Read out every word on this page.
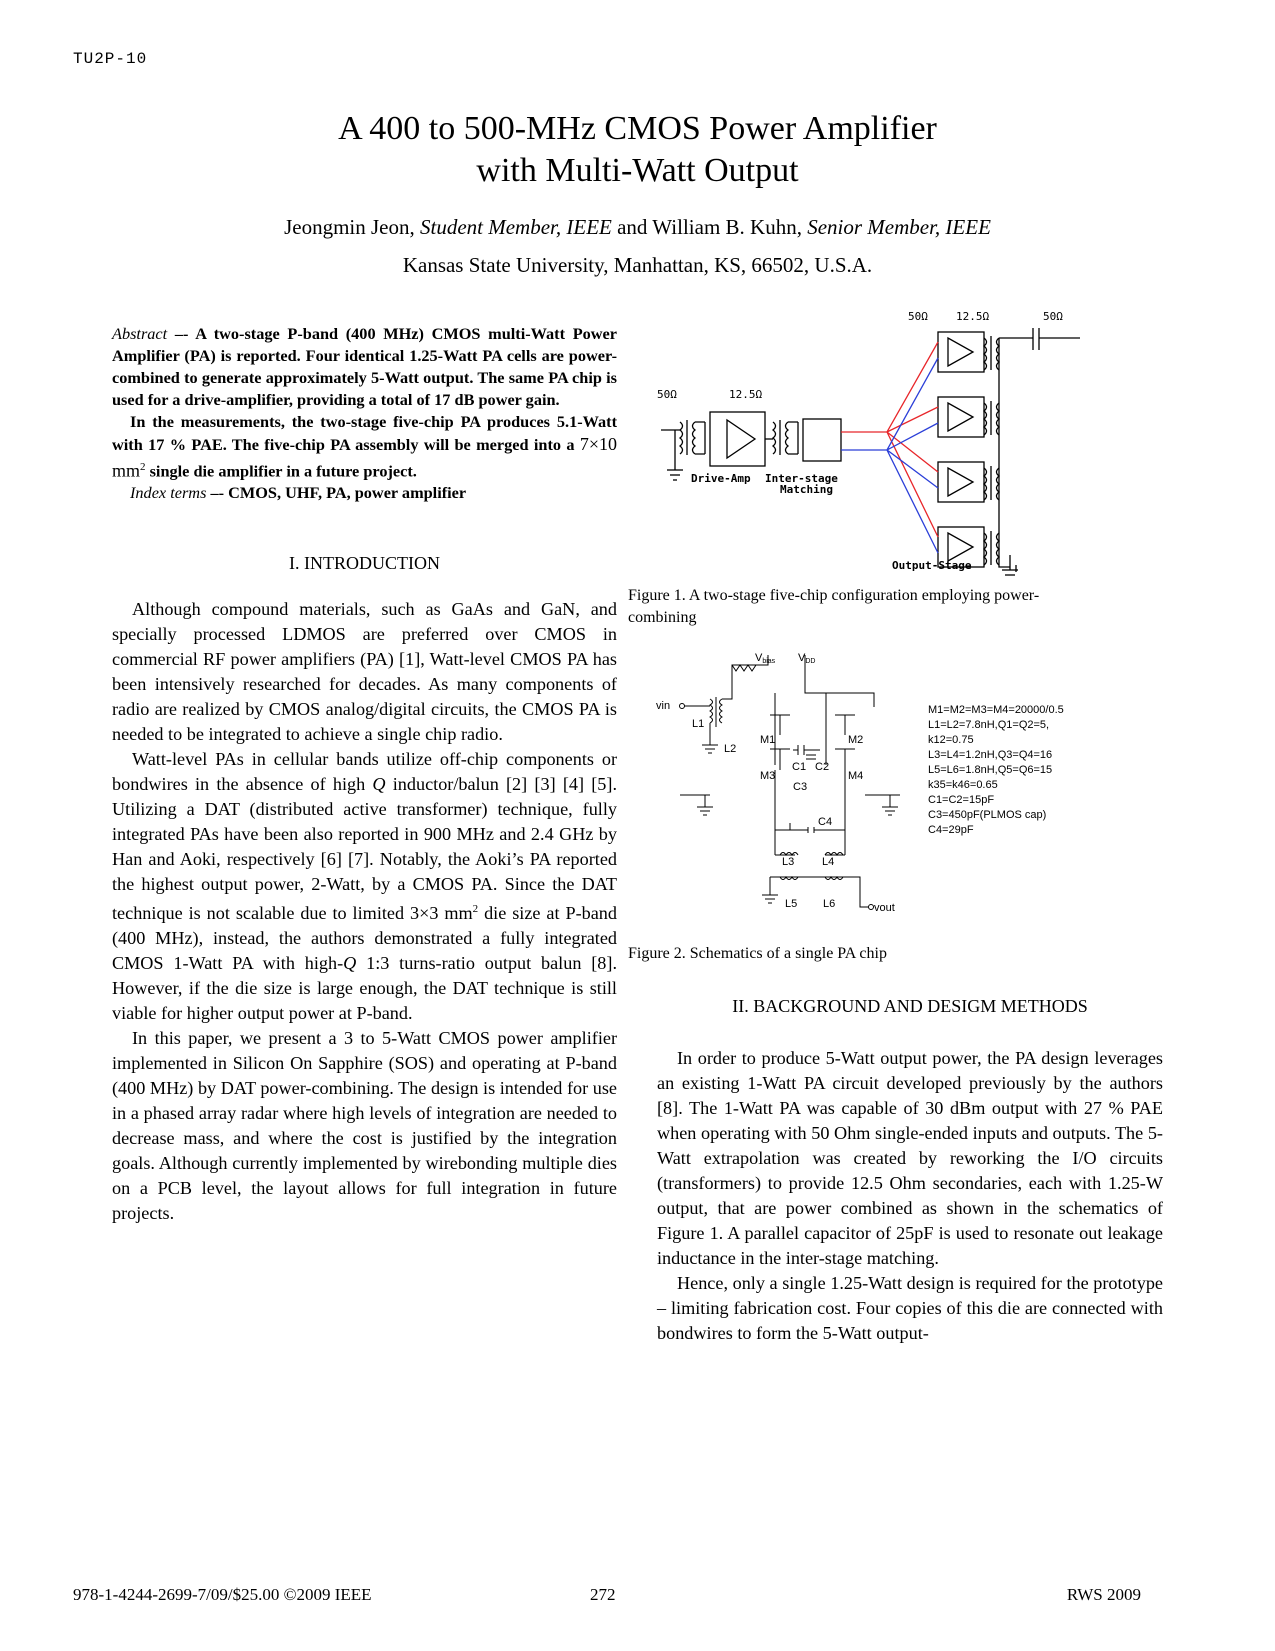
TU2P-10
A 400 to 500-MHz CMOS Power Amplifier
with Multi-Watt Output
Jeongmin Jeon, Student Member, IEEE and William B. Kuhn, Senior Member, IEEE
Kansas State University, Manhattan, KS, 66502, U.S.A.

Abstract –- A two-stage P-band (400 MHz) CMOS multi-Watt Power Amplifier (PA) is reported. Four identical 1.25-Watt PA cells are power-combined to generate approximately 5-Watt output. The same PA chip is used for a drive-amplifier, providing a total of 17 dB power gain.

In the measurements, the two-stage five-chip PA produces 5.1-Watt with 17 % PAE. The five-chip PA assembly will be merged into a 7×10 $mm^2$ single die amplifier in a future project.

Index terms –- CMOS, UHF, PA, power amplifier

I. INTRODUCTION

Although compound materials, such as GaAs and GaN, and specially processed LDMOS are preferred over CMOS in commercial RF power amplifiers (PA) [1], Watt-level CMOS PA has been intensively researched for decades. As many components of radio are realized by CMOS analog/digital circuits, the CMOS PA is needed to be integrated to achieve a single chip radio.

Watt-level PAs in cellular bands utilize off-chip components or bondwires in the absence of high Q inductor/balun [2] [3] [4] [5]. Utilizing a DAT (distributed active transformer) technique, fully integrated PAs have been also reported in 900 MHz and 2.4 GHz by Han and Aoki, respectively [6] [7]. Notably, the Aoki’s PA reported the highest output power, 2-Watt, by a CMOS PA. Since the DAT technique is not scalable due to limited 3×3 $mm^2$ die size at P-band (400 MHz), instead, the authors demonstrated a fully integrated CMOS 1-Watt PA with high-Q 1:3 turns-ratio output balun [8]. However, if the die size is large enough, the DAT technique is still viable for higher output power at P-band.

In this paper, we present a 3 to 5-Watt CMOS power amplifier implemented in Silicon On Sapphire (SOS) and operating at P-band (400 MHz) by DAT power-combining. The design is intended for use in a phased array radar where high levels of integration are needed to decrease mass, and where the cost is justified by the integration goals. Although currently implemented by wirebonding multiple dies on a PCB level, the layout allows for full integration in future projects.

50Ω	12.5Ω
50Ω	12.5Ω	50Ω
Drive-Amp Inter-stage
Matching
Output-Stage
Figure 1. A two-stage five-chip configuration employing power-combining
Vbias VDD
vin
vout
L1
L2
M1	M2
M3	M4
C1 C2
C3
C4
L3	L4
L5 L6
M1=M2=M3=M4=20000/0.5
L1=L2=7.8nH,Q1=Q2=5,
k12=0.75
L3=L4=1.2nH,Q3=Q4=16
L5=L6=1.8nH,Q5=Q6=15
k35=k46=0.65
C1=C2=15pF
C3=450pF(PLMOS cap)
C4=29pF
Figure 2. Schematics of a single PA chip
II. BACKGROUND AND DESIGM METHODS

In order to produce 5-Watt output power, the PA design leverages an existing 1-Watt PA circuit developed previously by the authors [8]. The 1-Watt PA was capable of 30 dBm output with 27 % PAE when operating with 50 Ohm single-ended inputs and outputs. The 5-Watt extrapolation was created by reworking the I/O circuits (transformers) to provide 12.5 Ohm secondaries, each with 1.25-W output, that are power combined as shown in the schematics of Figure 1. A parallel capacitor of 25pF is used to resonate out leakage inductance in the inter-stage matching.

Hence, only a single 1.25-Watt design is required for the prototype – limiting fabrication cost. Four copies of this die are connected with bondwires to form the 5-Watt output-

978-1-4244-2699-7/09/$25.00 ©2009 IEEE	272	RWS 2009
